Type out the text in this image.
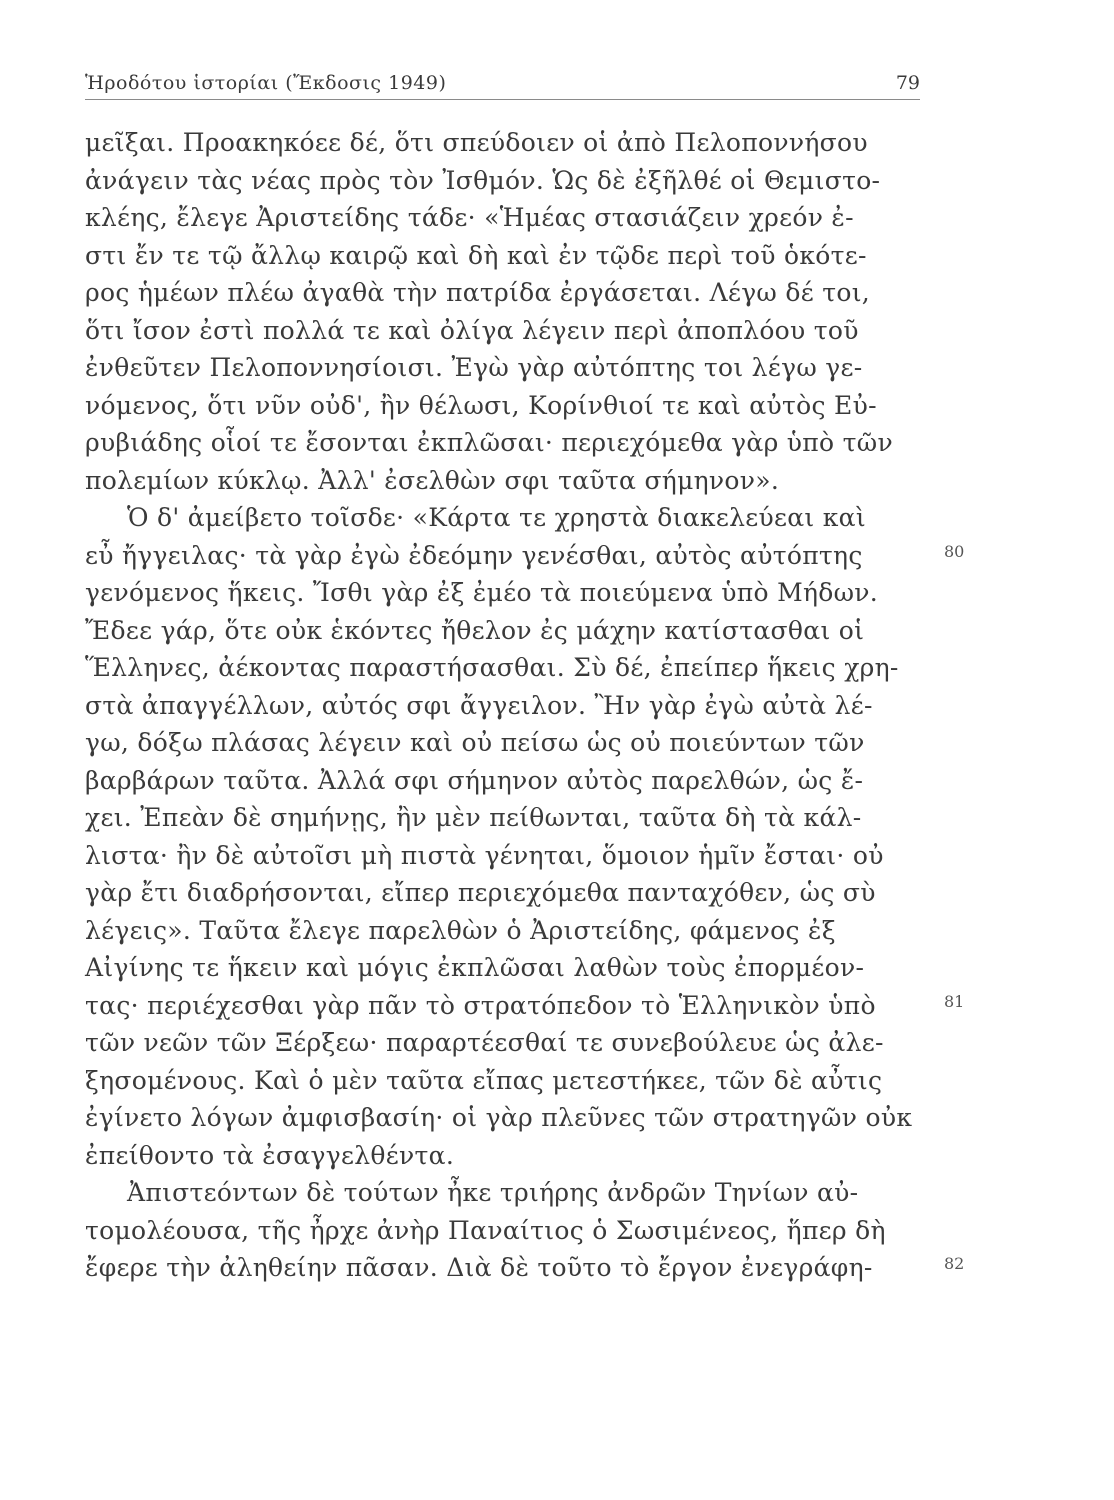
Ἡροδότου ἱστορίαι (Ἔκδοσις 1949)	79
μεῖξαι. Προακηκόεε δέ, ὅτι σπεύδοιεν οἱ ἀπὸ Πελοποννήσου
ἀνάγειν τὰς νέας πρὸς τὸν Ἰσθμόν. Ὡς δὲ ἐξῆλθέ οἱ Θεμιστο-
κλέης, ἔλεγε Ἀριστείδης τάδε· «Ἡμέας στασιάζειν χρεόν ἐ-
στι ἔν τε τῷ ἄλλῳ καιρῷ καὶ δὴ καὶ ἐν τῷδε περὶ τοῦ ὁκότε-
ρος ἡμέων πλέω ἀγαθὰ τὴν πατρίδα ἐργάσεται. Λέγω δέ τοι,
ὅτι ἴσον ἐστὶ πολλά τε καὶ ὀλίγα λέγειν περὶ ἀποπλόου τοῦ
ἐνθεῦτεν Πελοποννησίοισι. Ἐγὼ γὰρ αὐτόπτης τοι λέγω γε-
νόμενος, ὅτι νῦν οὐδ', ἢν θέλωσι, Κορίνθιοί τε καὶ αὐτὸς Εὐ-
ρυβιάδης οἷοί τε ἔσονται ἐκπλῶσαι· περιεχόμεθα γὰρ ὑπὸ τῶν
πολεμίων κύκλῳ. Ἀλλ' ἐσελθὼν σφι ταῦτα σήμηνον».
Ὁ δ' ἀμείβετο τοῖσδε· «Κάρτα τε χρηστὰ διακελεύεαι καὶ
εὖ ἤγγειλας· τὰ γὰρ ἐγὼ ἐδεόμην γενέσθαι, αὐτὸς αὐτόπτης
γενόμενος ἥκεις. Ἴσθι γὰρ ἐξ ἐμέο τὰ ποιεύμενα ὑπὸ Μήδων.
Ἔδεε γάρ, ὅτε οὐκ ἑκόντες ἤθελον ἐς μάχην κατίστασθαι οἱ
Ἕλληνες, ἀέκοντας παραστήσασθαι. Σὺ δέ, ἐπείπερ ἥκεις χρη-
στὰ ἀπαγγέλλων, αὐτός σφι ἄγγειλον. Ἢν γὰρ ἐγὼ αὐτὰ λέ-
γω, δόξω πλάσας λέγειν καὶ οὐ πείσω ὡς οὐ ποιεύντων τῶν
βαρβάρων ταῦτα. Ἀλλά σφι σήμηνον αὐτὸς παρελθών, ὡς ἔ-
χει. Ἐπεὰν δὲ σημήνῃς, ἢν μὲν πείθωνται, ταῦτα δὴ τὰ κάλ-
λιστα· ἢν δὲ αὐτοῖσι μὴ πιστὰ γένηται, ὅμοιον ἡμῖν ἔσται· οὐ
γὰρ ἔτι διαδρήσονται, εἴπερ περιεχόμεθα πανταχόθεν, ὡς σὺ
λέγεις». Ταῦτα ἔλεγε παρελθὼν ὁ Ἀριστείδης, φάμενος ἐξ
Αἰγίνης τε ἥκειν καὶ μόγις ἐκπλῶσαι λαθὼν τοὺς ἐπορμέον-
τας· περιέχεσθαι γὰρ πᾶν τὸ στρατόπεδον τὸ Ἑλληνικὸν ὑπὸ
τῶν νεῶν τῶν Ξέρξεω· παραρτέεσθαί τε συνεβούλευε ὡς ἀλε-
ξησομένους. Καὶ ὁ μὲν ταῦτα εἴπας μετεστήκεε, τῶν δὲ αὖτις
ἐγίνετο λόγων ἀμφισβασίη· οἱ γὰρ πλεῦνες τῶν στρατηγῶν οὐκ
ἐπείθοντο τὰ ἐσαγγελθέντα.
Ἀπιστεόντων δὲ τούτων ἦκε τριήρης ἀνδρῶν Τηνίων αὐ-
τομολέουσα, τῆς ἦρχε ἀνὴρ Παναίτιος ὁ Σωσιμένεος, ἥπερ δὴ
ἔφερε τὴν ἀληθείην πᾶσαν. Διὰ δὲ τοῦτο τὸ ἔργον ἐνεγράφη-
80
81
82
